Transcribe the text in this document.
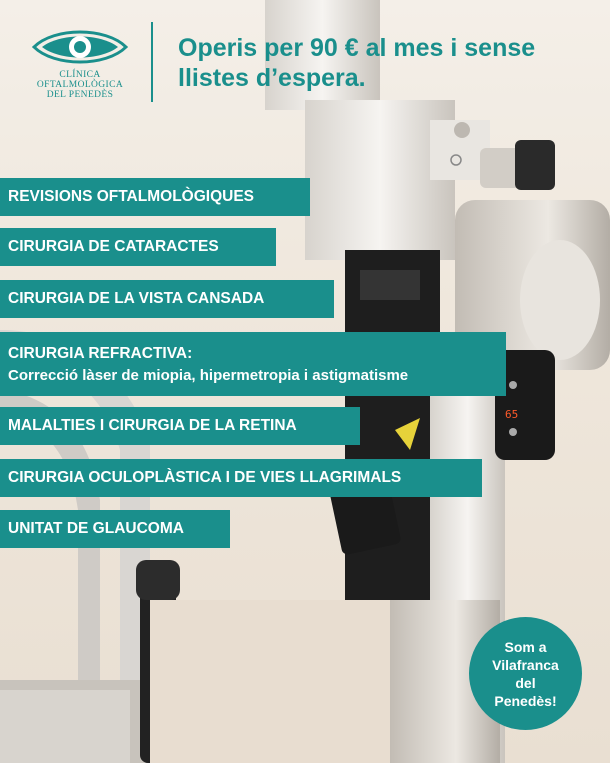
65
CLÍNICA
OFTALMOLÒGICA
DEL PENEDÈS
Operis per 90 € al mes i sense llistes d’espera.
REVISIONS OFTALMOLÒGIQUES
CIRURGIA DE CATARACTES
CIRURGIA DE LA VISTA CANSADA
CIRURGIA REFRACTIVA:
Correcció làser de miopia, hipermetropia i astigmatisme
MALALTIES I CIRURGIA DE LA RETINA
CIRURGIA OCULOPLÀSTICA I DE VIES LLAGRIMALS
UNITAT DE GLAUCOMA
Som a
Vilafranca
del
Penedès!
